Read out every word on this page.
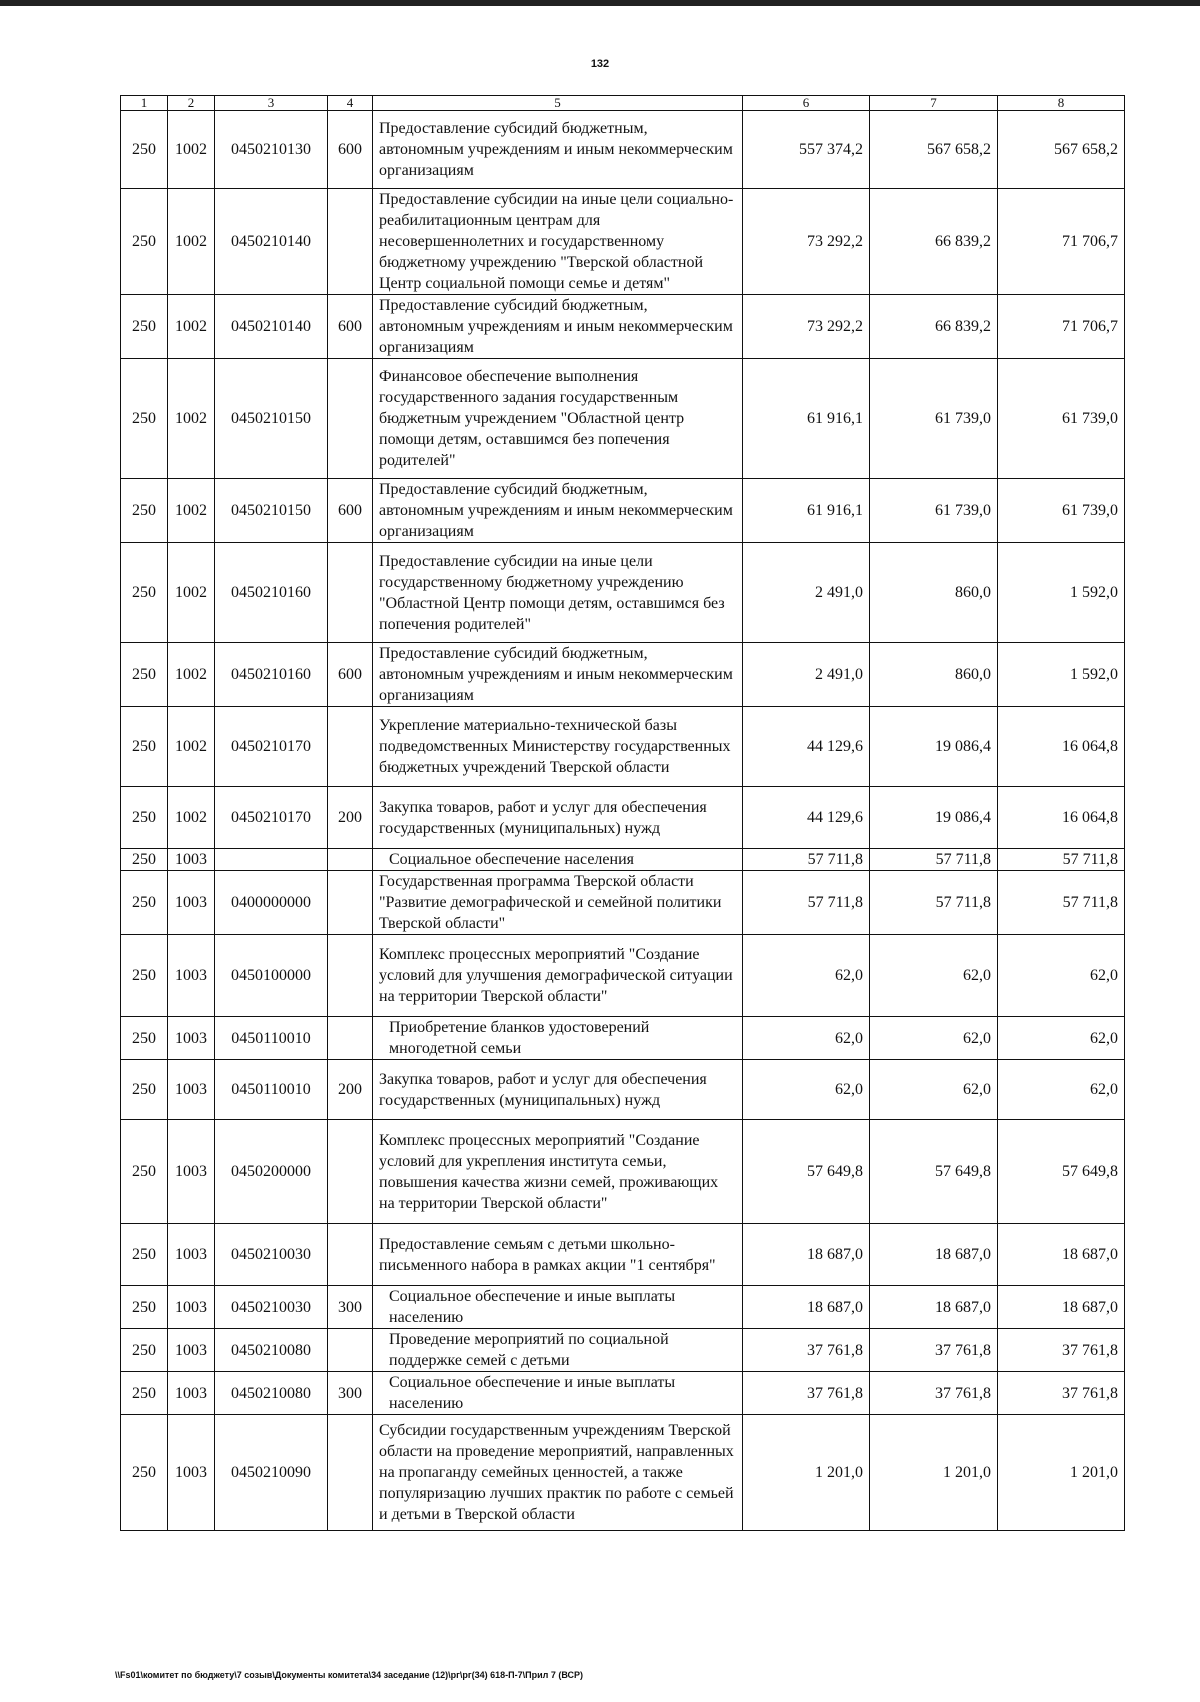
132
1	2	3	4	5	6	7	8
250	1002	0450210130	600	Предоставление субсидий бюджетным, автономным учреждениям и иным некоммерческим организациям	557 374,2	567 658,2	567 658,2
250	1002	0450210140		Предоставление субсидии на иные цели социально-реабилитационным центрам для несовершеннолетних и государственному бюджетному учреждению "Тверской областной Центр социальной помощи семье и детям"	73 292,2	66 839,2	71 706,7
250	1002	0450210140	600	Предоставление субсидий бюджетным, автономным учреждениям и иным некоммерческим организациям	73 292,2	66 839,2	71 706,7
250	1002	0450210150		Финансовое обеспечение выполнения государственного задания государственным бюджетным учреждением "Областной центр помощи детям, оставшимся без попечения родителей"	61 916,1	61 739,0	61 739,0
250	1002	0450210150	600	Предоставление субсидий бюджетным, автономным учреждениям и иным некоммерческим организациям	61 916,1	61 739,0	61 739,0
250	1002	0450210160		Предоставление субсидии на иные цели государственному бюджетному учреждению "Областной Центр помощи детям, оставшимся без попечения родителей"	2 491,0	860,0	1 592,0
250	1002	0450210160	600	Предоставление субсидий бюджетным, автономным учреждениям и иным некоммерческим организациям	2 491,0	860,0	1 592,0
250	1002	0450210170		Укрепление материально-технической базы подведомственных Министерству государственных бюджетных учреждений Тверской области	44 129,6	19 086,4	16 064,8
250	1002	0450210170	200	Закупка товаров, работ и услуг для обеспечения государственных (муниципальных) нужд	44 129,6	19 086,4	16 064,8
250	1003			Социальное обеспечение населения	57 711,8	57 711,8	57 711,8
250	1003	0400000000		Государственная программа Тверской области "Развитие демографической и семейной политики Тверской области"	57 711,8	57 711,8	57 711,8
250	1003	0450100000		Комплекс процессных мероприятий "Создание условий для улучшения демографической ситуации на территории Тверской области"	62,0	62,0	62,0
250	1003	0450110010		Приобретение бланков удостоверений многодетной семьи	62,0	62,0	62,0
250	1003	0450110010	200	Закупка товаров, работ и услуг для обеспечения государственных (муниципальных) нужд	62,0	62,0	62,0
250	1003	0450200000		Комплекс процессных мероприятий "Создание условий для укрепления института семьи, повышения качества жизни семей, проживающих на территории Тверской области"	57 649,8	57 649,8	57 649,8
250	1003	0450210030		Предоставление семьям с детьми школьно-письменного набора в рамках акции "1 сентября"	18 687,0	18 687,0	18 687,0
250	1003	0450210030	300	Социальное обеспечение и иные выплаты населению	18 687,0	18 687,0	18 687,0
250	1003	0450210080		Проведение мероприятий по социальной поддержке семей с детьми	37 761,8	37 761,8	37 761,8
250	1003	0450210080	300	Социальное обеспечение и иные выплаты населению	37 761,8	37 761,8	37 761,8
250	1003	0450210090		Субсидии государственным учреждениям Тверской области на проведение мероприятий, направленных на пропаганду семейных ценностей, а также популяризацию лучших практик по работе с семьей и детьми в Тверской области	1 201,0	1 201,0	1 201,0
\\Fs01\комитет по бюджету\7 созыв\Документы комитета\34 заседание (12)\рг\рг(34) 618-П-7\Прил 7 (ВСР)
